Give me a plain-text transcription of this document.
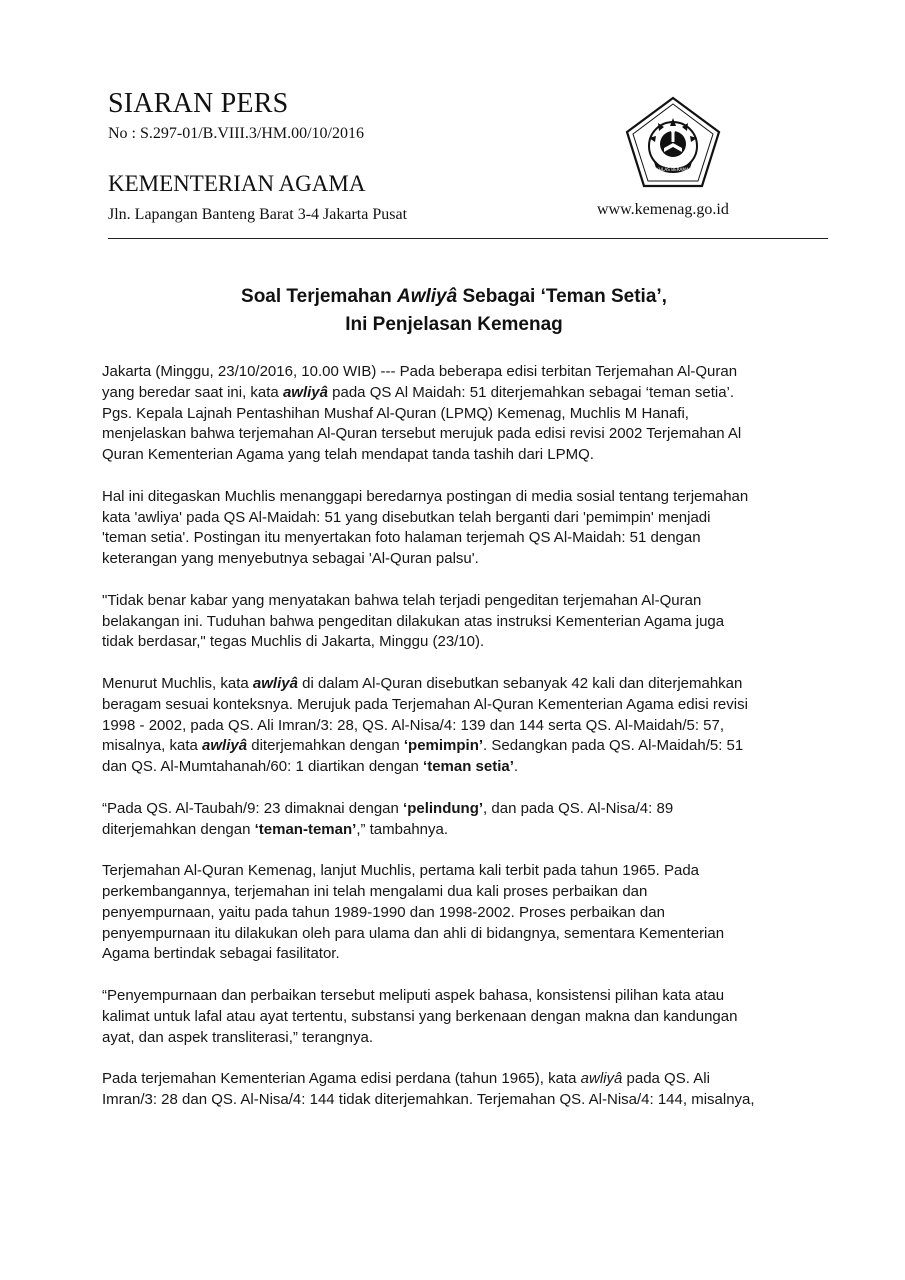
SIARAN PERS
No : S.297-01/B.VIII.3/HM.00/10/2016
KEMENTERIAN AGAMA
Jln. Lapangan Banteng Barat 3-4 Jakarta Pusat	www.kemenag.go.id
IKHLAS BERAMAL
Soal Terjemahan Awliyâ Sebagai ‘Teman Setia’,
Ini Penjelasan Kemenag

Jakarta (Minggu, 23/10/2016, 10.00 WIB) --- Pada beberapa edisi terbitan Terjemahan Al-Quran
yang beredar saat ini, kata awliyâ pada QS Al Maidah: 51 diterjemahkan sebagai ‘teman setia’.
Pgs. Kepala Lajnah Pentashihan Mushaf Al-Quran (LPMQ) Kemenag, Muchlis M Hanafi,
menjelaskan bahwa terjemahan Al-Quran tersebut merujuk pada edisi revisi 2002 Terjemahan Al
Quran Kementerian Agama yang telah mendapat tanda tashih dari LPMQ.

Hal ini ditegaskan Muchlis menanggapi beredarnya postingan di media sosial tentang terjemahan
kata 'awliya' pada QS Al-Maidah: 51 yang disebutkan telah berganti dari 'pemimpin' menjadi
'teman setia'. Postingan itu menyertakan foto halaman terjemah QS Al-Maidah: 51 dengan
keterangan yang menyebutnya sebagai 'Al-Quran palsu'.

"Tidak benar kabar yang menyatakan bahwa telah terjadi pengeditan terjemahan Al-Quran
belakangan ini. Tuduhan bahwa pengeditan dilakukan atas instruksi Kementerian Agama juga
tidak berdasar," tegas Muchlis di Jakarta, Minggu (23/10).

Menurut Muchlis, kata awliyâ di dalam Al-Quran disebutkan sebanyak 42 kali dan diterjemahkan
beragam sesuai konteksnya. Merujuk pada Terjemahan Al-Quran Kementerian Agama edisi revisi
1998 - 2002, pada QS. Ali Imran/3: 28, QS. Al-Nisa/4: 139 dan 144 serta QS. Al-Maidah/5: 57,
misalnya, kata awliyâ diterjemahkan dengan ‘pemimpin’. Sedangkan pada QS. Al-Maidah/5: 51
dan QS. Al-Mumtahanah/60: 1 diartikan dengan ‘teman setia’.

“Pada QS. Al-Taubah/9: 23 dimaknai dengan ‘pelindung’, dan pada QS. Al-Nisa/4: 89
diterjemahkan dengan ‘teman-teman’,” tambahnya.

Terjemahan Al-Quran Kemenag, lanjut Muchlis, pertama kali terbit pada tahun 1965. Pada
perkembangannya, terjemahan ini telah mengalami dua kali proses perbaikan dan
penyempurnaan, yaitu pada tahun 1989-1990 dan 1998-2002. Proses perbaikan dan
penyempurnaan itu dilakukan oleh para ulama dan ahli di bidangnya, sementara Kementerian
Agama bertindak sebagai fasilitator.

“Penyempurnaan dan perbaikan tersebut meliputi aspek bahasa, konsistensi pilihan kata atau
kalimat untuk lafal atau ayat tertentu, substansi yang berkenaan dengan makna dan kandungan
ayat, dan aspek transliterasi,” terangnya.

Pada terjemahan Kementerian Agama edisi perdana (tahun 1965), kata awliyâ pada QS. Ali
Imran/3: 28 dan QS. Al-Nisa/4: 144 tidak diterjemahkan. Terjemahan QS. Al-Nisa/4: 144, misalnya,
